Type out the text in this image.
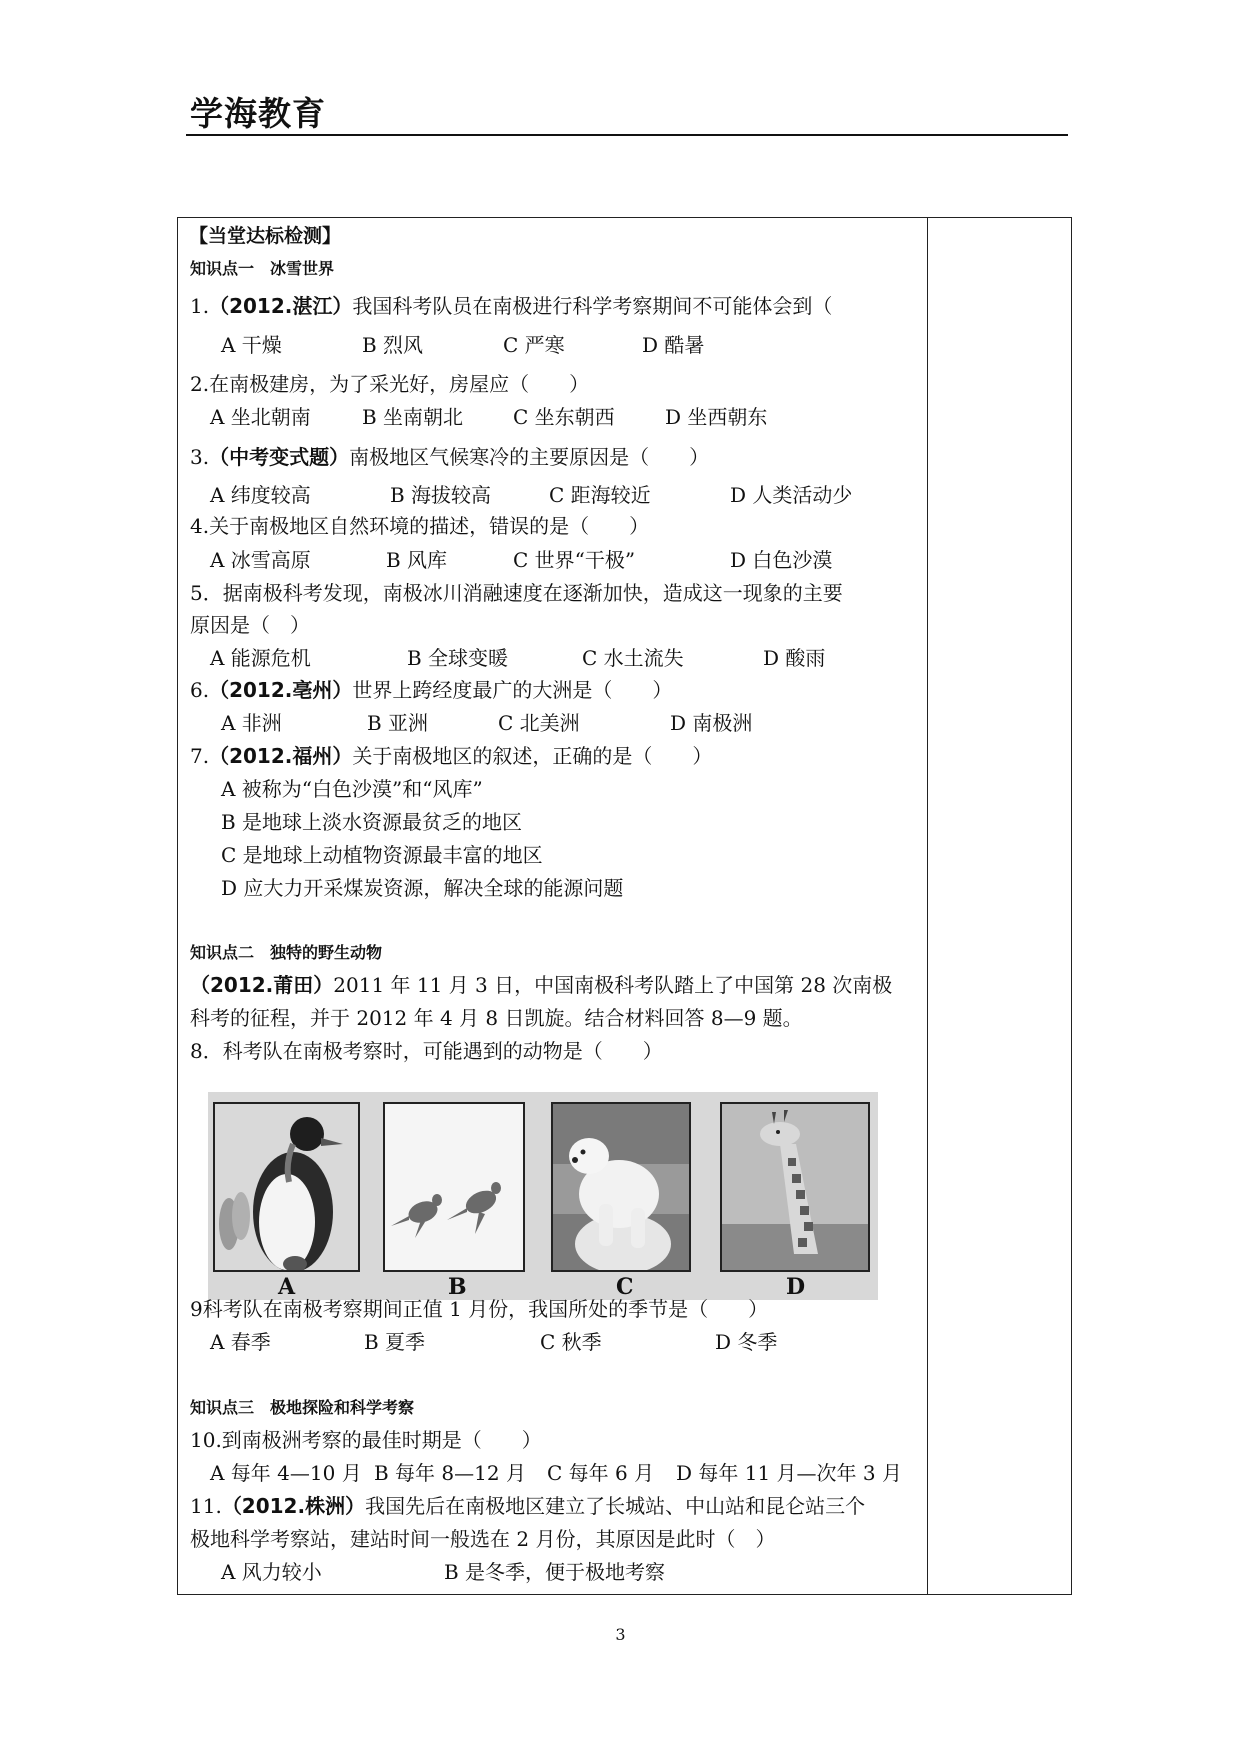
学海教育
【当堂达标检测】
知识点一　冰雪世界
1.（2012.湛江）我国科考队员在南极进行科学考察期间不可能体会到（
A 干燥	B 烈风	C 严寒	D 酷暑
2.在南极建房，为了采光好，房屋应（　　）
A 坐北朝南	B 坐南朝北 C 坐东朝西	D 坐西朝东
3.（中考变式题）南极地区气候寒冷的主要原因是（　　）
A 纬度较高	B 海拔较高	C 距海较近	D 人类活动少
4.关于南极地区自然环境的描述，错误的是（　　）
A 冰雪高原	B 风库	C 世界“干极”	D 白色沙漠
5．据南极科考发现，南极冰川消融速度在逐渐加快，造成这一现象的主要
原因是（　）
A 能源危机	B 全球变暖	C 水土流失	D 酸雨
6.（2012.亳州）世界上跨经度最广的大洲是（　　）
A 非洲	B 亚洲	C 北美洲	D 南极洲
7.（2012.福州）关于南极地区的叙述，正确的是（　　）
A 被称为“白色沙漠”和“风库”
B 是地球上淡水资源最贫乏的地区
C 是地球上动植物资源最丰富的地区
D 应大力开采煤炭资源，解决全球的能源问题
知识点二　独特的野生动物
（2012.莆田）2011 年 11 月 3 日，中国南极科考队踏上了中国第 28 次南极
科考的征程，并于 2012 年 4 月 8 日凯旋。结合材料回答 8—9 题。
8．科考队在南极考察时，可能遇到的动物是（　　）
A	B	C	D
9科考队在南极考察期间正值 1 月份，我国所处的季节是（　　）
A 春季	B 夏季	C 秋季	D 冬季
知识点三　极地探险和科学考察
10.到南极洲考察的最佳时期是（　　）
A 每年 4—10 月 B 每年 8—12 月 C 每年 6 月 D 每年 11 月—次年 3 月
11.（2012.株洲）我国先后在南极地区建立了长城站、中山站和昆仑站三个
极地科学考察站，建站时间一般选在 2 月份，其原因是此时（　）
A 风力较小	B 是冬季，便于极地考察
3
